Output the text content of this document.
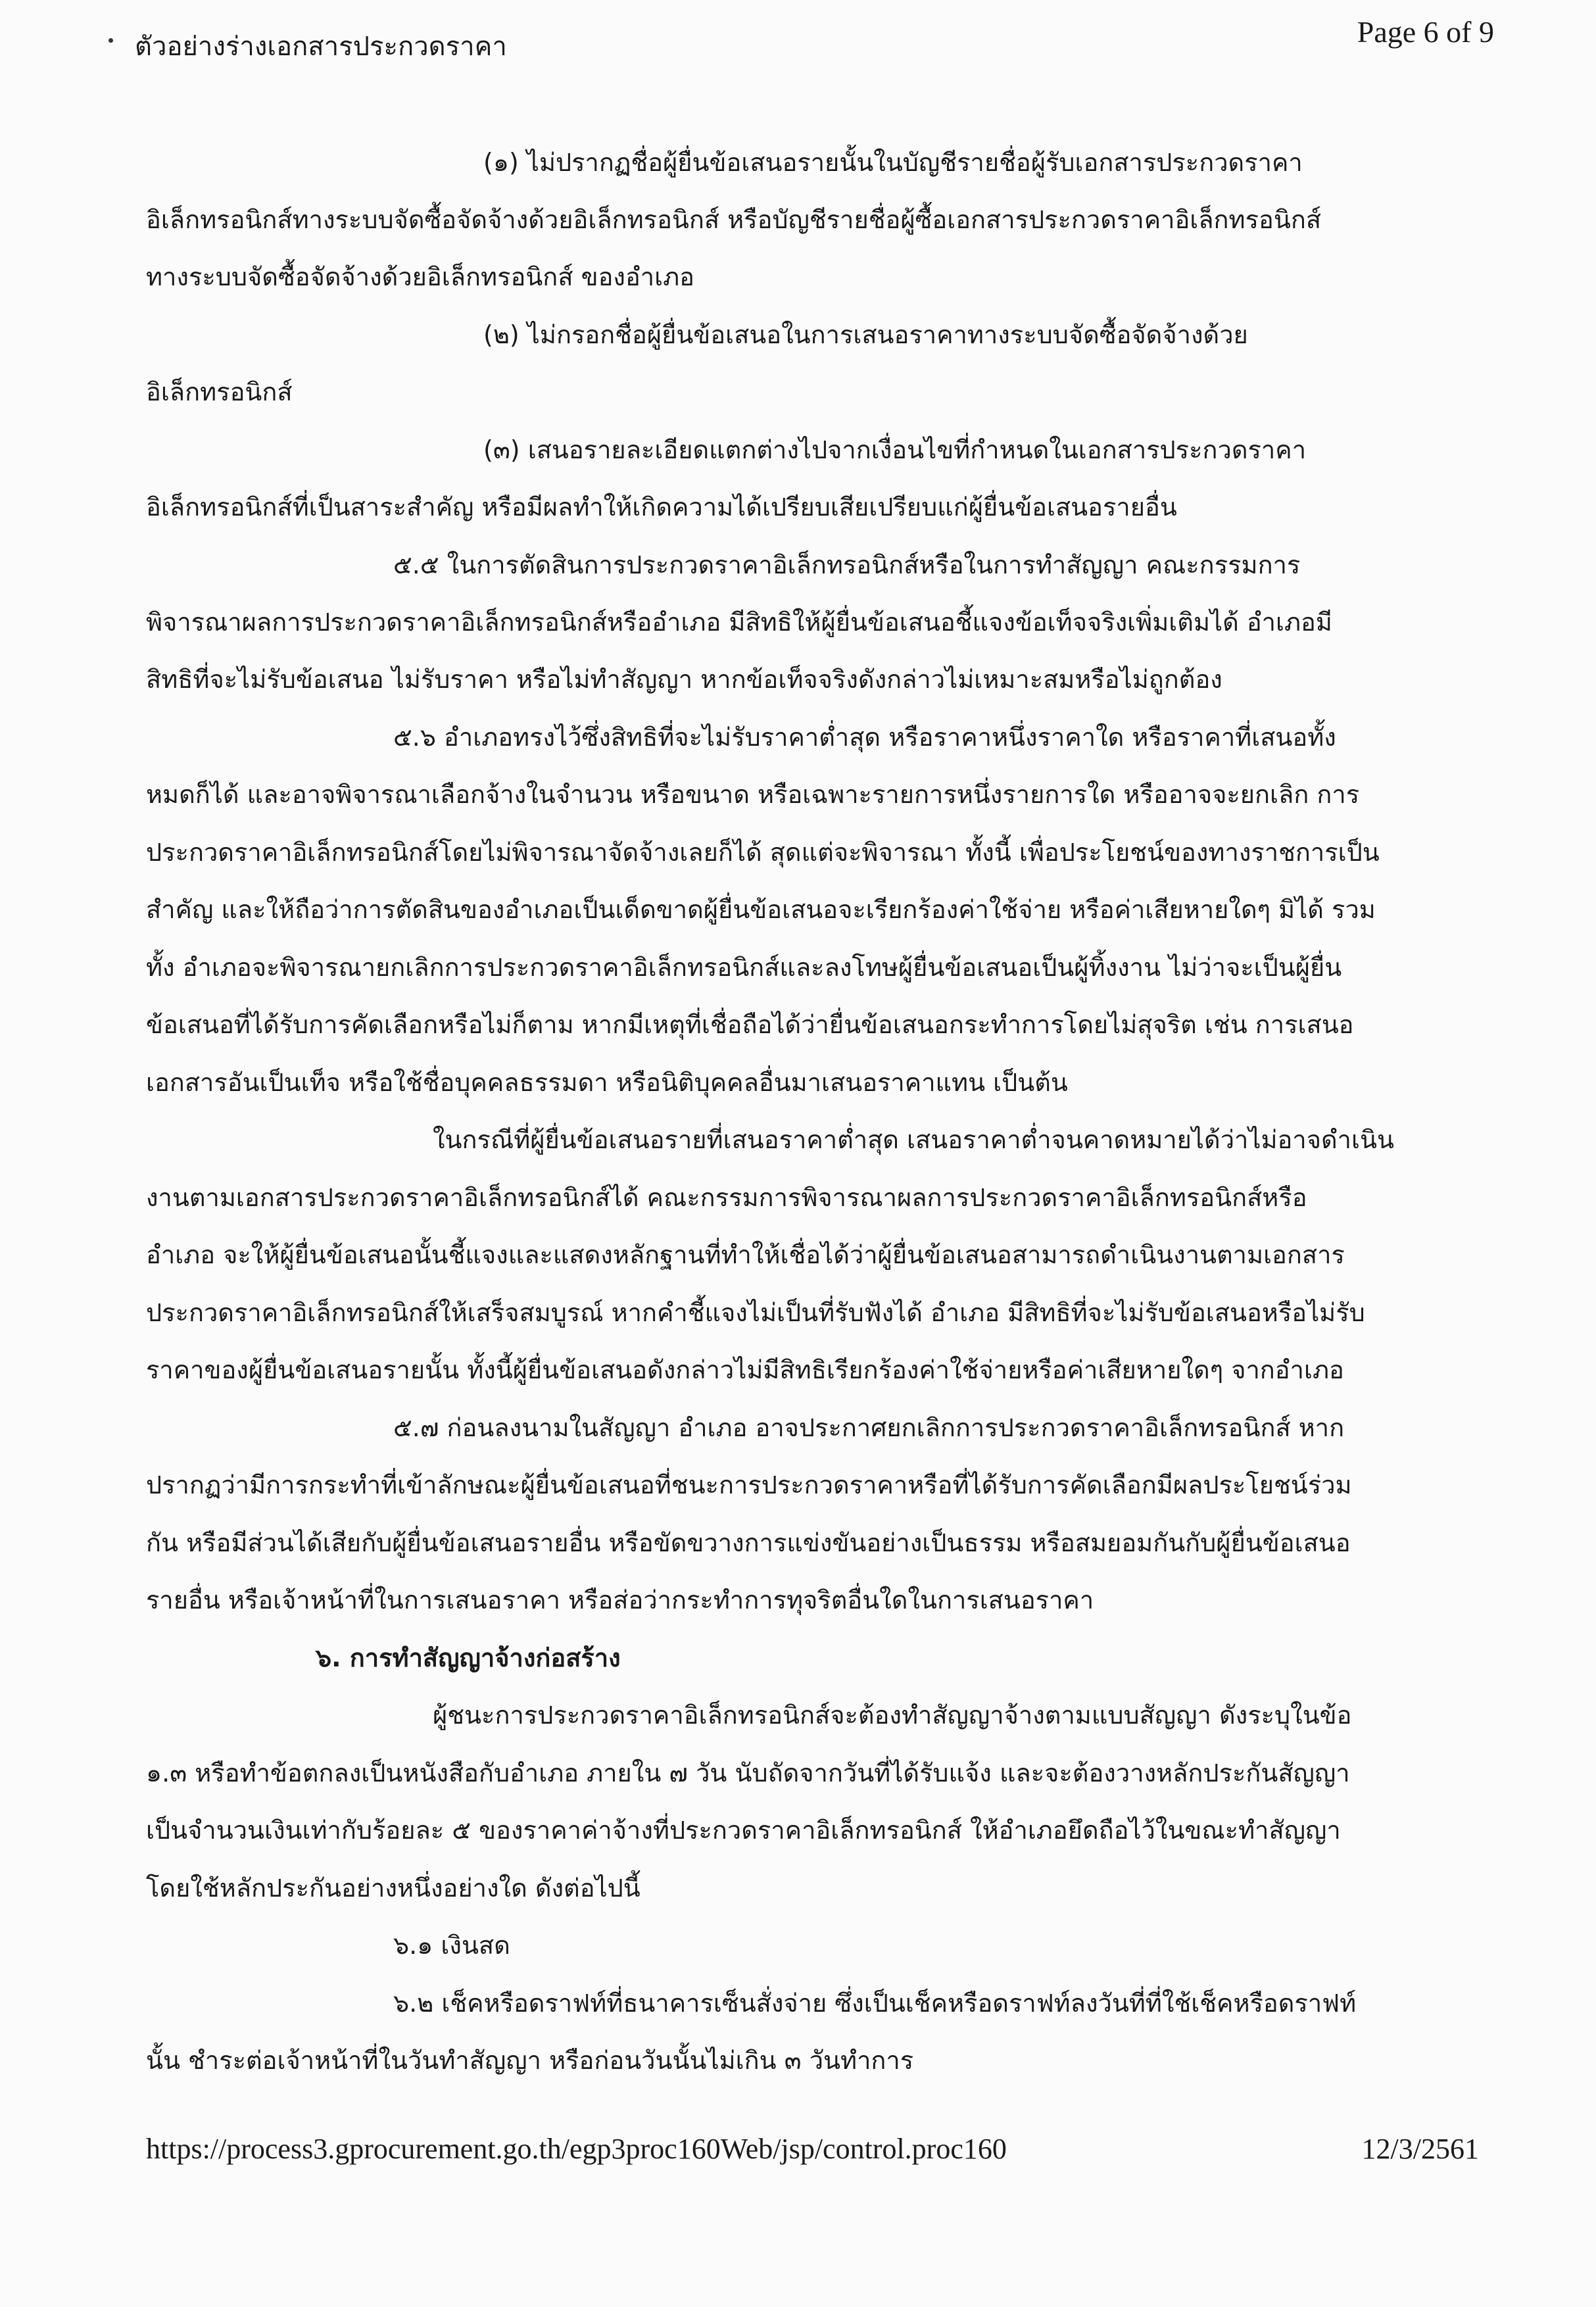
ตัวอย่างร่างเอกสารประกวดราคา	Page 6 of 9
(๑) ไม่ปรากฏชื่อผู้ยื่นข้อเสนอรายนั้นในบัญชีรายชื่อผู้รับเอกสารประกวดราคา
อิเล็กทรอนิกส์ทางระบบจัดซื้อจัดจ้างด้วยอิเล็กทรอนิกส์ หรือบัญชีรายชื่อผู้ซื้อเอกสารประกวดราคาอิเล็กทรอนิกส์
ทางระบบจัดซื้อจัดจ้างด้วยอิเล็กทรอนิกส์ ของอำเภอ
(๒) ไม่กรอกชื่อผู้ยื่นข้อเสนอในการเสนอราคาทางระบบจัดซื้อจัดจ้างด้วย
อิเล็กทรอนิกส์
(๓) เสนอรายละเอียดแตกต่างไปจากเงื่อนไขที่กำหนดในเอกสารประกวดราคา
อิเล็กทรอนิกส์ที่เป็นสาระสำคัญ หรือมีผลทำให้เกิดความได้เปรียบเสียเปรียบแก่ผู้ยื่นข้อเสนอรายอื่น
๕.๕ ในการตัดสินการประกวดราคาอิเล็กทรอนิกส์หรือในการทำสัญญา คณะกรรมการ
พิจารณาผลการประกวดราคาอิเล็กทรอนิกส์หรืออำเภอ มีสิทธิให้ผู้ยื่นข้อเสนอชี้แจงข้อเท็จจริงเพิ่มเติมได้ อำเภอมี
สิทธิที่จะไม่รับข้อเสนอ ไม่รับราคา หรือไม่ทำสัญญา หากข้อเท็จจริงดังกล่าวไม่เหมาะสมหรือไม่ถูกต้อง
๕.๖ อำเภอทรงไว้ซึ่งสิทธิที่จะไม่รับราคาต่ำสุด หรือราคาหนึ่งราคาใด หรือราคาที่เสนอทั้ง
หมดก็ได้ และอาจพิจารณาเลือกจ้างในจำนวน หรือขนาด หรือเฉพาะรายการหนึ่งรายการใด หรืออาจจะยกเลิก การ
ประกวดราคาอิเล็กทรอนิกส์โดยไม่พิจารณาจัดจ้างเลยก็ได้ สุดแต่จะพิจารณา ทั้งนี้ เพื่อประโยชน์ของทางราชการเป็น
สำคัญ และให้ถือว่าการตัดสินของอำเภอเป็นเด็ดขาดผู้ยื่นข้อเสนอจะเรียกร้องค่าใช้จ่าย หรือค่าเสียหายใดๆ มิได้ รวม
ทั้ง อำเภอจะพิจารณายกเลิกการประกวดราคาอิเล็กทรอนิกส์และลงโทษผู้ยื่นข้อเสนอเป็นผู้ทิ้งงาน ไม่ว่าจะเป็นผู้ยื่น
ข้อเสนอที่ได้รับการคัดเลือกหรือไม่ก็ตาม หากมีเหตุที่เชื่อถือได้ว่ายื่นข้อเสนอกระทำการโดยไม่สุจริต เช่น การเสนอ
เอกสารอันเป็นเท็จ หรือใช้ชื่อบุคคลธรรมดา หรือนิติบุคคลอื่นมาเสนอราคาแทน เป็นต้น
ในกรณีที่ผู้ยื่นข้อเสนอรายที่เสนอราคาต่ำสุด เสนอราคาต่ำจนคาดหมายได้ว่าไม่อาจดำเนิน
งานตามเอกสารประกวดราคาอิเล็กทรอนิกส์ได้ คณะกรรมการพิจารณาผลการประกวดราคาอิเล็กทรอนิกส์หรือ
อำเภอ จะให้ผู้ยื่นข้อเสนอนั้นชี้แจงและแสดงหลักฐานที่ทำให้เชื่อได้ว่าผู้ยื่นข้อเสนอสามารถดำเนินงานตามเอกสาร
ประกวดราคาอิเล็กทรอนิกส์ให้เสร็จสมบูรณ์ หากคำชี้แจงไม่เป็นที่รับฟังได้ อำเภอ มีสิทธิที่จะไม่รับข้อเสนอหรือไม่รับ
ราคาของผู้ยื่นข้อเสนอรายนั้น ทั้งนี้ผู้ยื่นข้อเสนอดังกล่าวไม่มีสิทธิเรียกร้องค่าใช้จ่ายหรือค่าเสียหายใดๆ จากอำเภอ
๕.๗ ก่อนลงนามในสัญญา อำเภอ อาจประกาศยกเลิกการประกวดราคาอิเล็กทรอนิกส์ หาก
ปรากฏว่ามีการกระทำที่เข้าลักษณะผู้ยื่นข้อเสนอที่ชนะการประกวดราคาหรือที่ได้รับการคัดเลือกมีผลประโยชน์ร่วม
กัน หรือมีส่วนได้เสียกับผู้ยื่นข้อเสนอรายอื่น หรือขัดขวางการแข่งขันอย่างเป็นธรรม หรือสมยอมกันกับผู้ยื่นข้อเสนอ
รายอื่น หรือเจ้าหน้าที่ในการเสนอราคา หรือส่อว่ากระทำการทุจริตอื่นใดในการเสนอราคา
๖. การทำสัญญาจ้างก่อสร้าง
ผู้ชนะการประกวดราคาอิเล็กทรอนิกส์จะต้องทำสัญญาจ้างตามแบบสัญญา ดังระบุในข้อ
๑.๓ หรือทำข้อตกลงเป็นหนังสือกับอำเภอ ภายใน ๗ วัน นับถัดจากวันที่ได้รับแจ้ง และจะต้องวางหลักประกันสัญญา
เป็นจำนวนเงินเท่ากับร้อยละ ๕ ของราคาค่าจ้างที่ประกวดราคาอิเล็กทรอนิกส์ ให้อำเภอยึดถือไว้ในขณะทำสัญญา
โดยใช้หลักประกันอย่างหนึ่งอย่างใด ดังต่อไปนี้
๖.๑ เงินสด
๖.๒ เช็คหรือดราฟท์ที่ธนาคารเซ็นสั่งจ่าย ซึ่งเป็นเช็คหรือดราฟท์ลงวันที่ที่ใช้เช็คหรือดราฟท์
นั้น ชำระต่อเจ้าหน้าที่ในวันทำสัญญา หรือก่อนวันนั้นไม่เกิน ๓ วันทำการ
https://process3.gprocurement.go.th/egp3proc160Web/jsp/control.proc160	12/3/2561
